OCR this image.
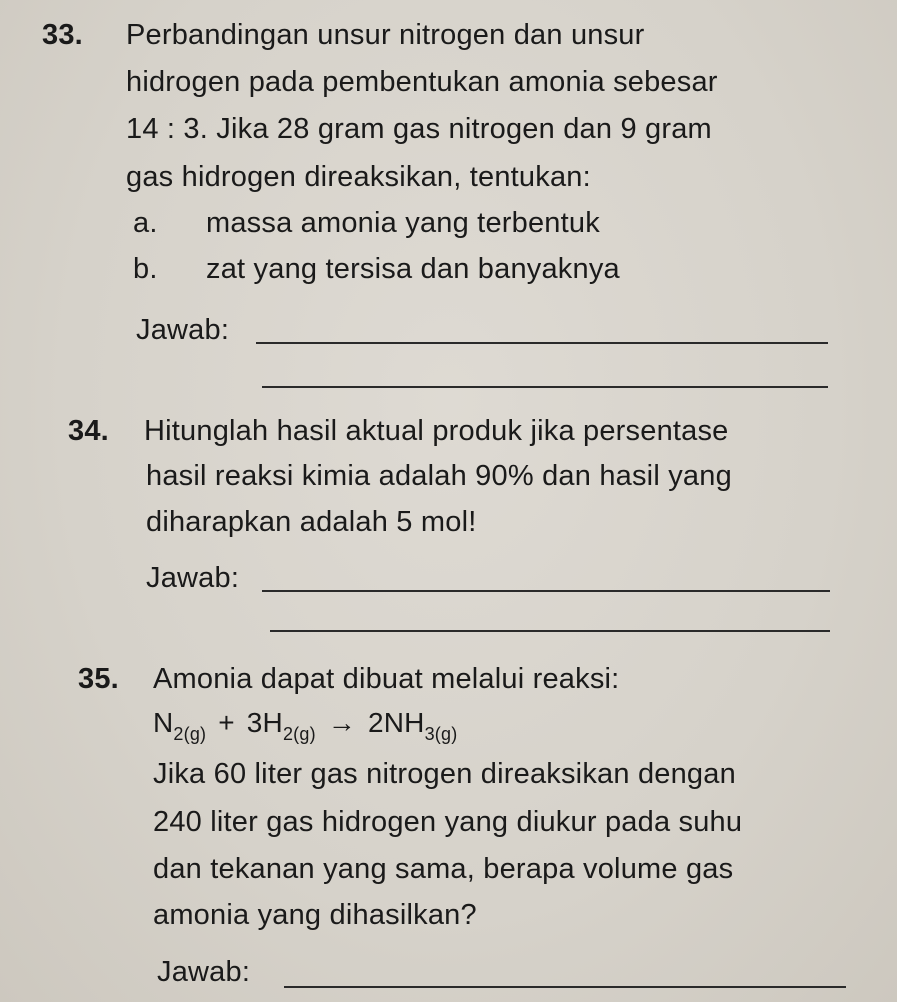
33. Perbandingan unsur nitrogen dan unsur
hidrogen pada pembentukan amonia sebesar
14 : 3. Jika 28 gram gas nitrogen dan 9 gram
gas hidrogen direaksikan, tentukan:
a. massa amonia yang terbentuk
b. zat yang tersisa dan banyaknya
Jawab:
34. Hitunglah hasil aktual produk jika persentase
hasil reaksi kimia adalah 90% dan hasil yang
diharapkan adalah 5 mol!
Jawab:
35. Amonia dapat dibuat melalui reaksi:
$N_{2(g)} + 3H_{2(g)} \to 2NH_{3(g)}$
Jika 60 liter gas nitrogen direaksikan dengan
240 liter gas hidrogen yang diukur pada suhu
dan tekanan yang sama, berapa volume gas
amonia yang dihasilkan?
Jawab:
